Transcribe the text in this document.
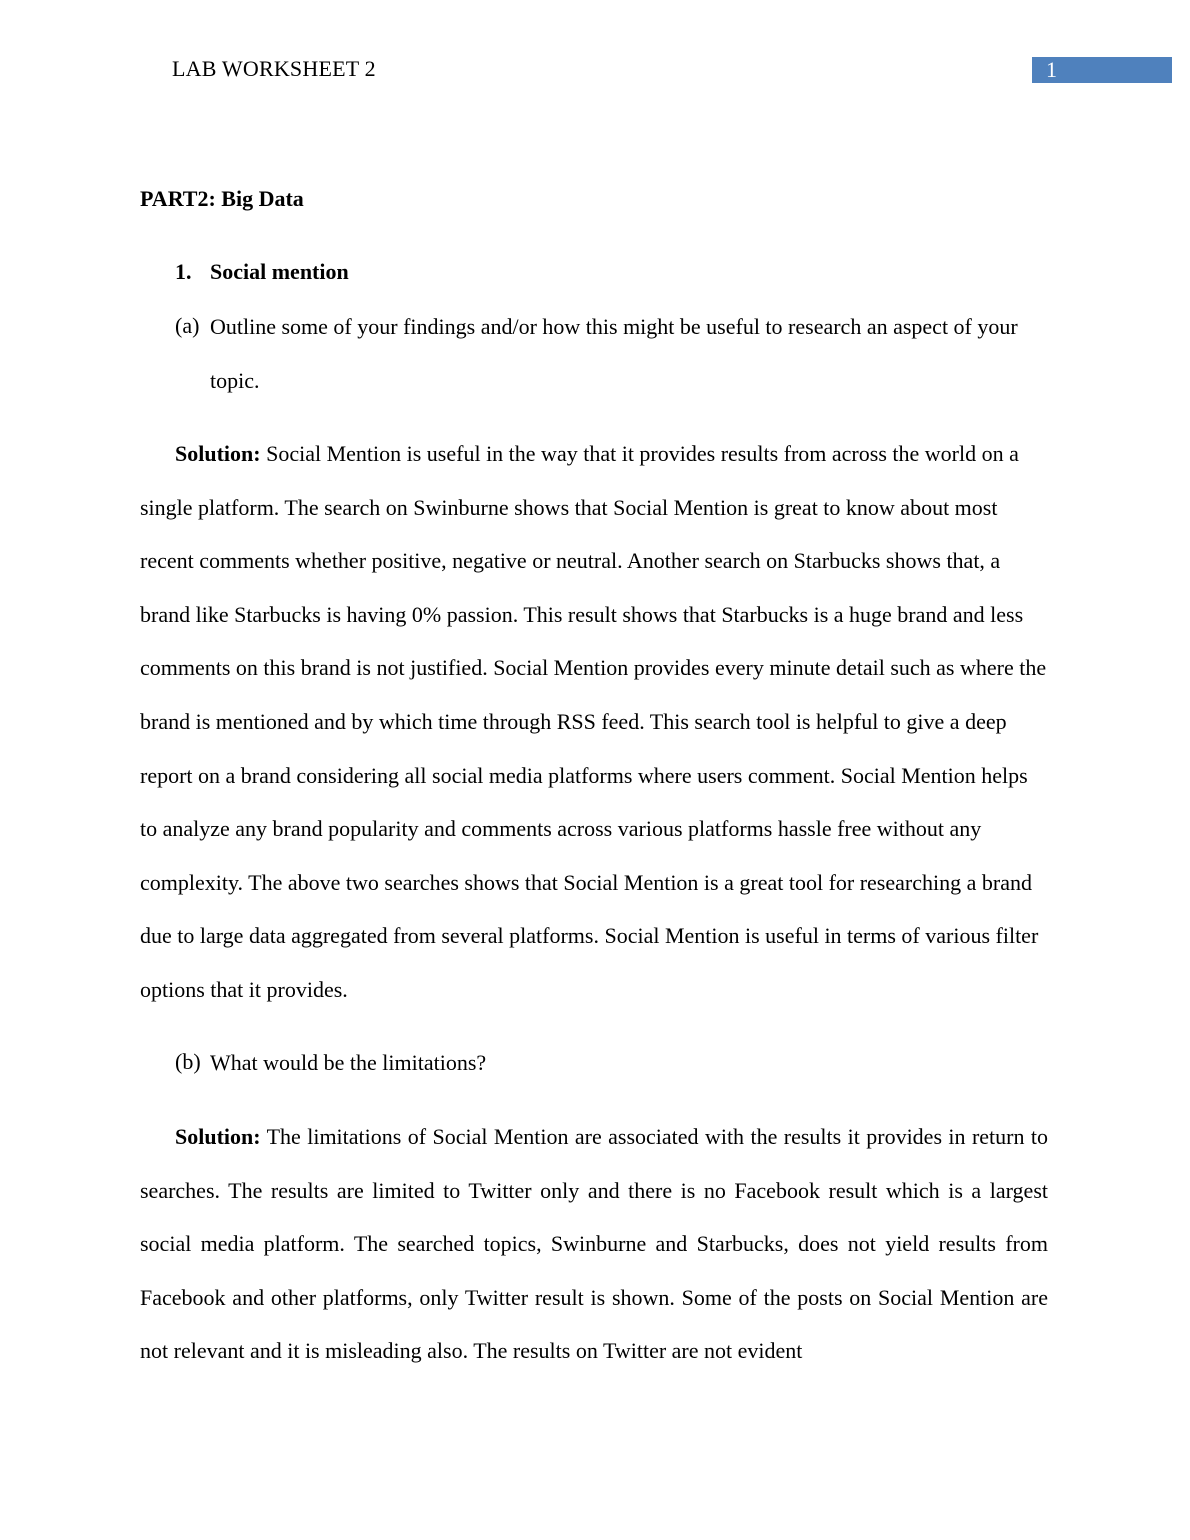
LAB WORKSHEET 2	1
PART2: Big Data
1. Social mention
(a) Outline some of your findings and/or how this might be useful to research an aspect of your topic.
Solution: Social Mention is useful in the way that it provides results from across the world on a single platform. The search on Swinburne shows that Social Mention is great to know about most recent comments whether positive, negative or neutral. Another search on Starbucks shows that, a brand like Starbucks is having 0% passion. This result shows that Starbucks is a huge brand and less comments on this brand is not justified. Social Mention provides every minute detail such as where the brand is mentioned and by which time through RSS feed. This search tool is helpful to give a deep report on a brand considering all social media platforms where users comment. Social Mention helps to analyze any brand popularity and comments across various platforms hassle free without any complexity. The above two searches shows that Social Mention is a great tool for researching a brand due to large data aggregated from several platforms. Social Mention is useful in terms of various filter options that it provides.
(b) What would be the limitations?
Solution: The limitations of Social Mention are associated with the results it provides in return to searches. The results are limited to Twitter only and there is no Facebook result which is a largest social media platform. The searched topics, Swinburne and Starbucks, does not yield results from Facebook and other platforms, only Twitter result is shown. Some of the posts on Social Mention are not relevant and it is misleading also. The results on Twitter are not evident
